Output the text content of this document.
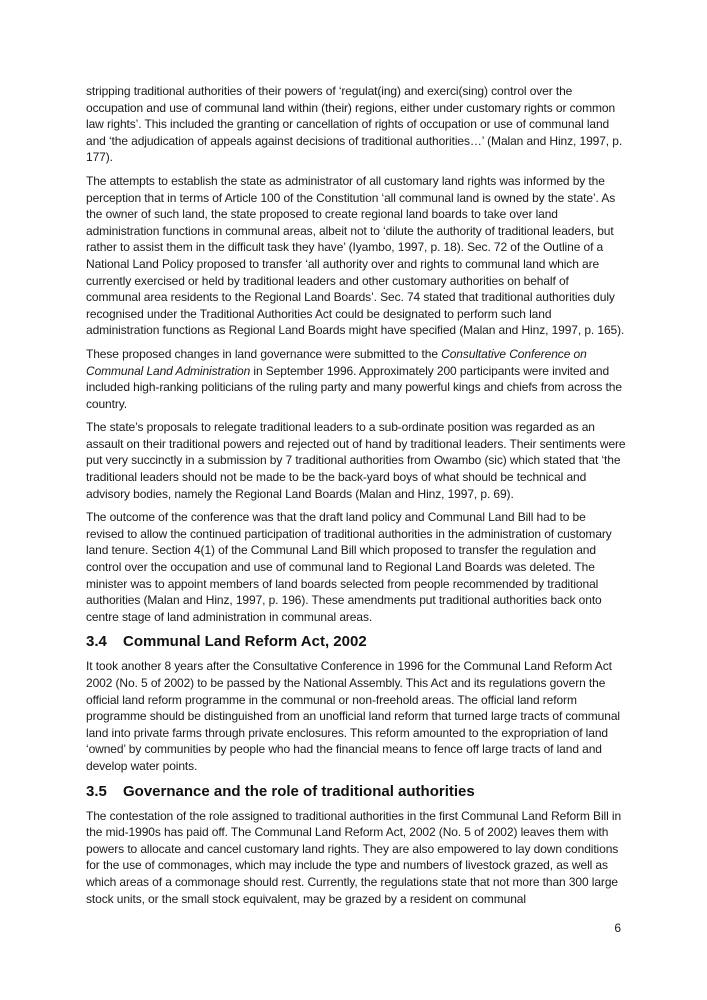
stripping traditional authorities of their powers of ‘regulat(ing) and exerci(sing) control over the occupation and use of communal land within (their) regions, either under customary rights or common law rights’. This included the granting or cancellation of rights of occupation or use of communal land and ‘the adjudication of appeals against decisions of traditional authorities…’ (Malan and Hinz, 1997, p. 177).

The attempts to establish the state as administrator of all customary land rights was informed by the perception that in terms of Article 100 of the Constitution ‘all communal land is owned by the state’. As the owner of such land, the state proposed to create regional land boards to take over land administration functions in communal areas, albeit not to ‘dilute the authority of traditional leaders, but rather to assist them in the difficult task they have’ (Iyambo, 1997, p. 18). Sec. 72 of the Outline of a National Land Policy proposed to transfer ‘all authority over and rights to communal land which are currently exercised or held by traditional leaders and other customary authorities on behalf of communal area residents to the Regional Land Boards’. Sec. 74 stated that traditional authorities duly recognised under the Traditional Authorities Act could be designated to perform such land administration functions as Regional Land Boards might have specified (Malan and Hinz, 1997, p. 165).

These proposed changes in land governance were submitted to the Consultative Conference on Communal Land Administration in September 1996. Approximately 200 participants were invited and included high-ranking politicians of the ruling party and many powerful kings and chiefs from across the country.

The state’s proposals to relegate traditional leaders to a sub-ordinate position was regarded as an assault on their traditional powers and rejected out of hand by traditional leaders. Their sentiments were put very succinctly in a submission by 7 traditional authorities from Owambo (sic) which stated that ‘the traditional leaders should not be made to be the back-yard boys of what should be technical and advisory bodies, namely the Regional Land Boards (Malan and Hinz, 1997, p. 69).

The outcome of the conference was that the draft land policy and Communal Land Bill had to be revised to allow the continued participation of traditional authorities in the administration of customary land tenure. Section 4(1) of the Communal Land Bill which proposed to transfer the regulation and control over the occupation and use of communal land to Regional Land Boards was deleted. The minister was to appoint members of land boards selected from people recommended by traditional authorities (Malan and Hinz, 1997, p. 196). These amendments put traditional authorities back onto centre stage of land administration in communal areas.

3.4 Communal Land Reform Act, 2002

It took another 8 years after the Consultative Conference in 1996 for the Communal Land Reform Act 2002 (No. 5 of 2002) to be passed by the National Assembly. This Act and its regulations govern the official land reform programme in the communal or non-freehold areas. The official land reform programme should be distinguished from an unofficial land reform that turned large tracts of communal land into private farms through private enclosures. This reform amounted to the expropriation of land ‘owned’ by communities by people who had the financial means to fence off large tracts of land and develop water points.

3.5 Governance and the role of traditional authorities

The contestation of the role assigned to traditional authorities in the first Communal Land Reform Bill in the mid-1990s has paid off. The Communal Land Reform Act, 2002 (No. 5 of 2002) leaves them with powers to allocate and cancel customary land rights. They are also empowered to lay down conditions for the use of commonages, which may include the type and numbers of livestock grazed, as well as which areas of a commonage should rest. Currently, the regulations state that not more than 300 large stock units, or the small stock equivalent, may be grazed by a resident on communal

6
